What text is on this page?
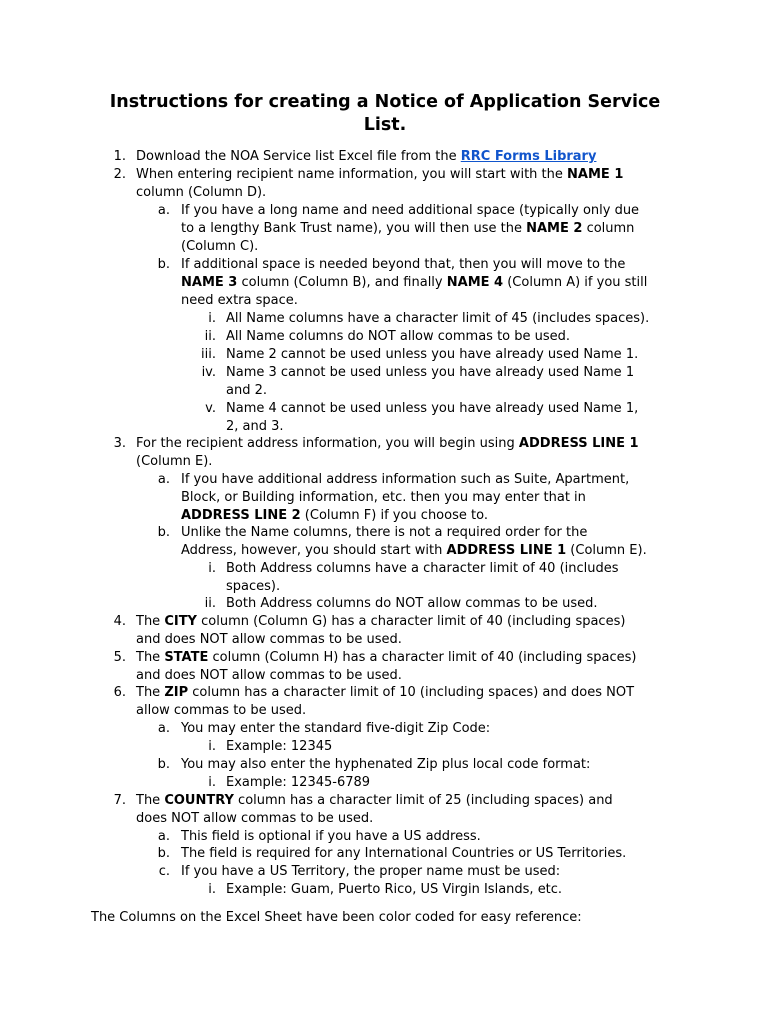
Instructions for creating a Notice of Application Service
List.
1. Download the NOA Service list Excel file from the RRC Forms Library
2. When entering recipient name information, you will start with the NAME 1
column (Column D).
a. If you have a long name and need additional space (typically only due
to a lengthy Bank Trust name), you will then use the NAME 2 column
(Column C).
b. If additional space is needed beyond that, then you will move to the
NAME 3 column (Column B), and finally NAME 4 (Column A) if you still
need extra space.
i. All Name columns have a character limit of 45 (includes spaces).
ii. All Name columns do NOT allow commas to be used.
iii. Name 2 cannot be used unless you have already used Name 1.
iv. Name 3 cannot be used unless you have already used Name 1
and 2.
v. Name 4 cannot be used unless you have already used Name 1,
2, and 3.
3. For the recipient address information, you will begin using ADDRESS LINE 1
(Column E).
a. If you have additional address information such as Suite, Apartment,
Block, or Building information, etc. then you may enter that in
ADDRESS LINE 2 (Column F) if you choose to.
b. Unlike the Name columns, there is not a required order for the
Address, however, you should start with ADDRESS LINE 1 (Column E).
i. Both Address columns have a character limit of 40 (includes
spaces).
ii. Both Address columns do NOT allow commas to be used.
4. The CITY column (Column G) has a character limit of 40 (including spaces)
and does NOT allow commas to be used.
5. The STATE column (Column H) has a character limit of 40 (including spaces)
and does NOT allow commas to be used.
6. The ZIP column has a character limit of 10 (including spaces) and does NOT
allow commas to be used.
a. You may enter the standard five-digit Zip Code:
i. Example: 12345
b. You may also enter the hyphenated Zip plus local code format:
i. Example: 12345-6789
7. The COUNTRY column has a character limit of 25 (including spaces) and
does NOT allow commas to be used.
a. This field is optional if you have a US address.
b. The field is required for any International Countries or US Territories.
c. If you have a US Territory, the proper name must be used:
i. Example: Guam, Puerto Rico, US Virgin Islands, etc.
The Columns on the Excel Sheet have been color coded for easy reference:
